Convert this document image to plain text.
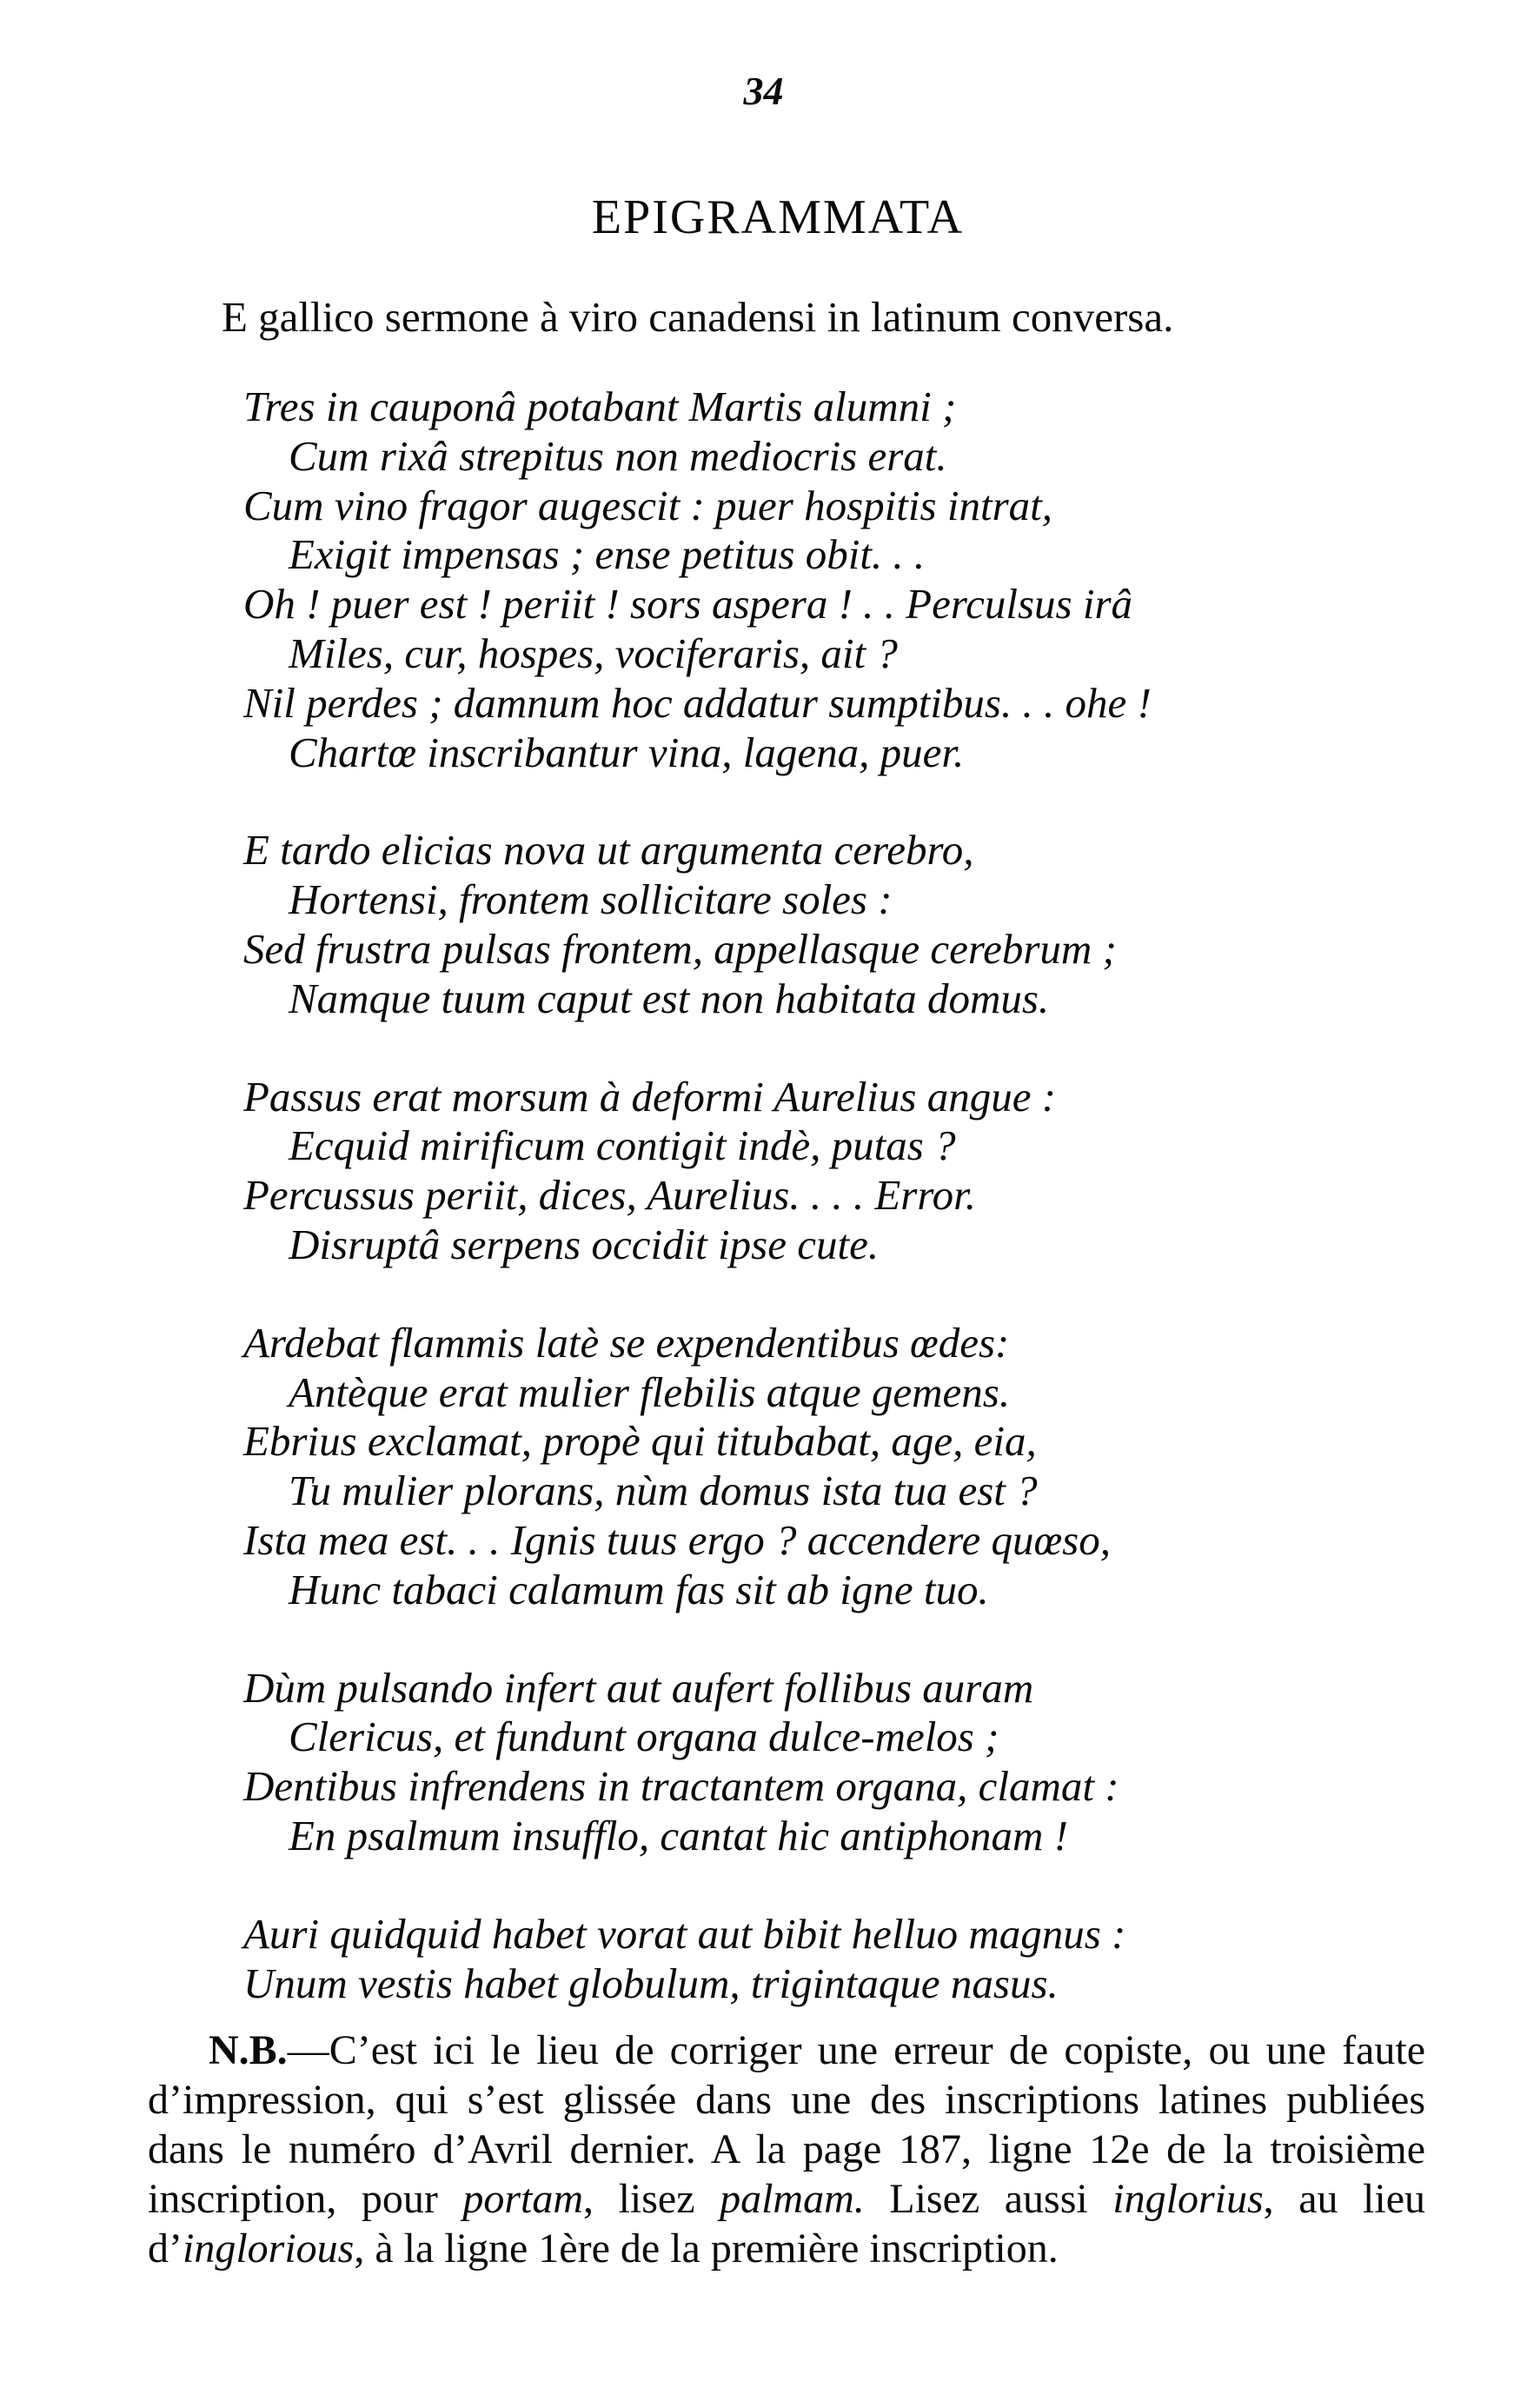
34
EPIGRAMMATA
E gallico sermone à viro canadensi in latinum conversa.
Tres in cauponâ potabant Martis alumni ;
Cum rixâ strepitus non mediocris erat.
Cum vino fragor augescit : puer hospitis intrat,
Exigit impensas ; ense petitus obit. . .
Oh ! puer est ! periit ! sors aspera ! . . Perculsus irâ
Miles, cur, hospes, vociferaris, ait ?
Nil perdes ; damnum hoc addatur sumptibus. . . ohe !
Chartœ inscribantur vina, lagena, puer.
E tardo elicias nova ut argumenta cerebro,
Hortensi, frontem sollicitare soles :
Sed frustra pulsas frontem, appellasque cerebrum ;
Namque tuum caput est non habitata domus.
Passus erat morsum à deformi Aurelius angue :
Ecquid mirificum contigit indè, putas ?
Percussus periit, dices, Aurelius. . . . Error.
Disruptâ serpens occidit ipse cute.
Ardebat flammis latè se expendentibus œdes:
Antèque erat mulier flebilis atque gemens.
Ebrius exclamat, propè qui titubabat, age, eia,
Tu mulier plorans, nùm domus ista tua est ?
Ista mea est. . . Ignis tuus ergo ? accendere quœso,
Hunc tabaci calamum fas sit ab igne tuo.
Dùm pulsando infert aut aufert follibus auram
Clericus, et fundunt organa dulce-melos ;
Dentibus infrendens in tractantem organa, clamat :
En psalmum insufflo, cantat hic antiphonam !
Auri quidquid habet vorat aut bibit helluo magnus :
Unum vestis habet globulum, trigintaque nasus.
N.B.—C’est ici le lieu de corriger une erreur de copiste, ou une faute d’impression, qui s’est glissée dans une des inscriptions latines publiées dans le numéro d’Avril dernier. A la page 187, ligne 12e de la troisième inscription, pour portam, lisez palmam. Lisez aussi inglorius, au lieu d’inglorious, à la ligne 1ère de la première inscription.
